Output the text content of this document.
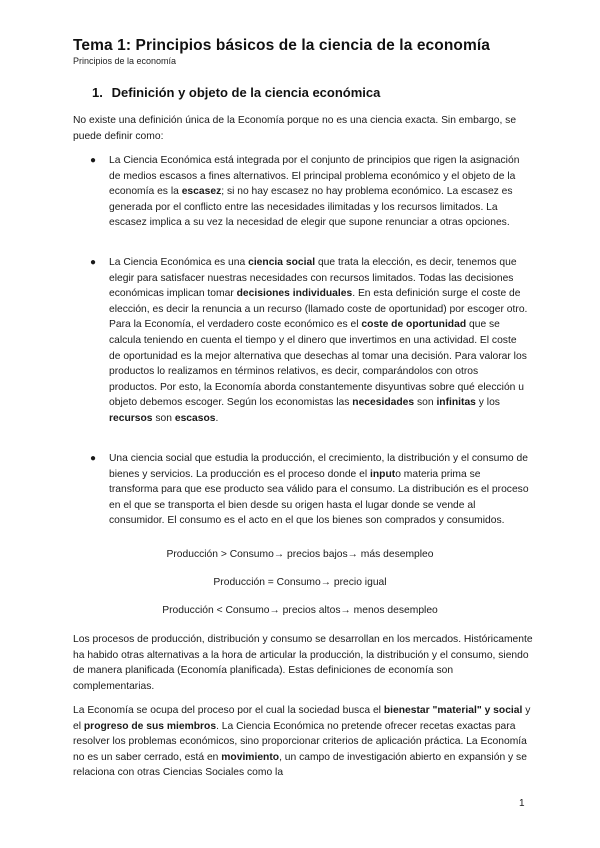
Tema 1: Principios básicos de la ciencia de la economía
Principios de la economía
1. Definición y objeto de la ciencia económica

No existe una definición única de la Economía porque no es una ciencia exacta. Sin embargo, se puede definir como:

● La Ciencia Económica está integrada por el conjunto de principios que rigen la asignación de medios escasos a fines alternativos. El principal problema económico y el objeto de la economía es la escasez; si no hay escasez no hay problema económico. La escasez es generada por el conflicto entre las necesidades ilimitadas y los recursos limitados. La escasez implica a su vez la necesidad de elegir que supone renunciar a otras opciones.
● La Ciencia Económica es una ciencia social que trata la elección, es decir, tenemos que elegir para satisfacer nuestras necesidades con recursos limitados. Todas las decisiones económicas implican tomar decisiones individuales. En esta definición surge el coste de elección, es decir la renuncia a un recurso (llamado coste de oportunidad) por escoger otro. Para la Economía, el verdadero coste económico es el coste de oportunidad que se calcula teniendo en cuenta el tiempo y el dinero que invertimos en una actividad. El coste de oportunidad es la mejor alternativa que desechas al tomar una decisión. Para valorar los productos lo realizamos en términos relativos, es decir, comparándolos con otros productos. Por esto, la Economía aborda constantemente disyuntivas sobre qué elección u objeto debemos escoger. Según los economistas las necesidades son infinitas y los recursos son escasos.
● Una ciencia social que estudia la producción, el crecimiento, la distribución y el consumo de bienes y servicios. La producción es el proceso donde el inputo materia prima se transforma para que ese producto sea válido para el consumo. La distribución es el proceso en el que se transporta el bien desde su origen hasta el lugar donde se vende al consumidor. El consumo es el acto en el que los bienes son comprados y consumidos.
Producción > Consumo→ precios bajos→ más desempleo
Producción = Consumo→ precio igual
Producción < Consumo→ precios altos→ menos desempleo

Los procesos de producción, distribución y consumo se desarrollan en los mercados. Históricamente ha habido otras alternativas a la hora de articular la producción, la distribución y el consumo, siendo de manera planificada (Economía planificada). Estas definiciones de economía son complementarias.

La Economía se ocupa del proceso por el cual la sociedad busca el bienestar "material" y social y el progreso de sus miembros. La Ciencia Económica no pretende ofrecer recetas exactas para resolver los problemas económicos, sino proporcionar criterios de aplicación práctica. La Economía no es un saber cerrado, está en movimiento, un campo de investigación abierto en expansión y se relaciona con otras Ciencias Sociales como la

1
